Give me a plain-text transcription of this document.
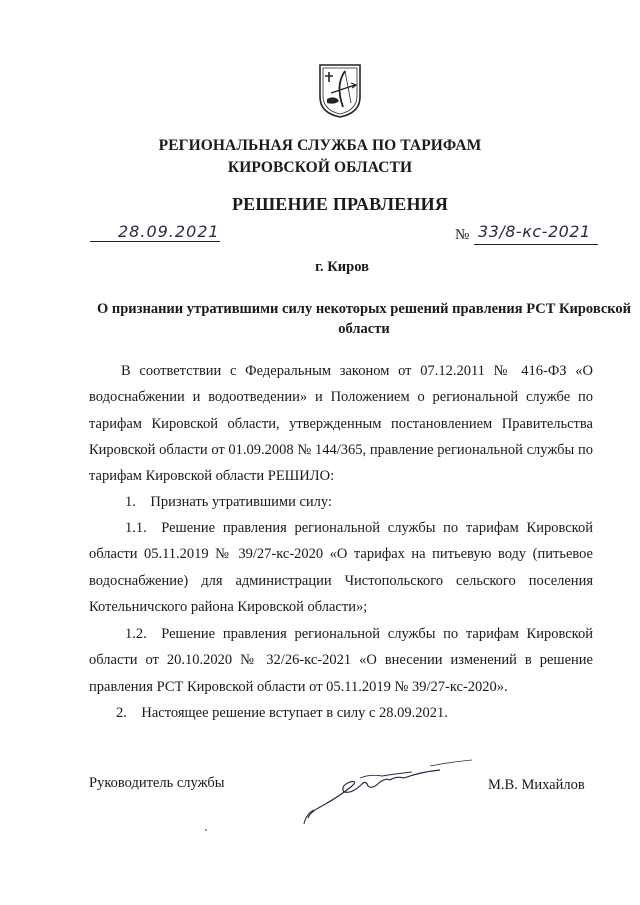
РЕГИОНАЛЬНАЯ СЛУЖБА ПО ТАРИФАМ
КИРОВСКОЙ ОБЛАСТИ
РЕШЕНИЕ ПРАВЛЕНИЯ
28.09.2021	№ 33/8-кс-2021
г. Киров
О признании утратившими силу некоторых решений правления РСТ Кировской области
В соответствии с Федеральным законом от 07.12.2011 № 416-ФЗ «О водоснабжении и водоотведении» и Положением о региональной службе по тарифам Кировской области, утвержденным постановлением Правительства Кировской области от 01.09.2008 № 144/365, правление региональной службы по тарифам Кировской области РЕШИЛО:
1.  Признать утратившими силу:
1.1.  Решение правления региональной службы по тарифам Кировской области 05.11.2019 № 39/27-кс-2020 «О тарифах на питьевую воду (питьевое водоснабжение) для администрации Чистопольского сельского поселения Котельничского района Кировской области»;
1.2.  Решение правления региональной службы по тарифам Кировской области от 20.10.2020 № 32/26-кс-2021 «О внесении изменений в решение правления РСТ Кировской области от 05.11.2019 № 39/27-кс-2020».
2.  Настоящее решение вступает в силу с 28.09.2021.
Руководитель службы	М.В. Михайлов
